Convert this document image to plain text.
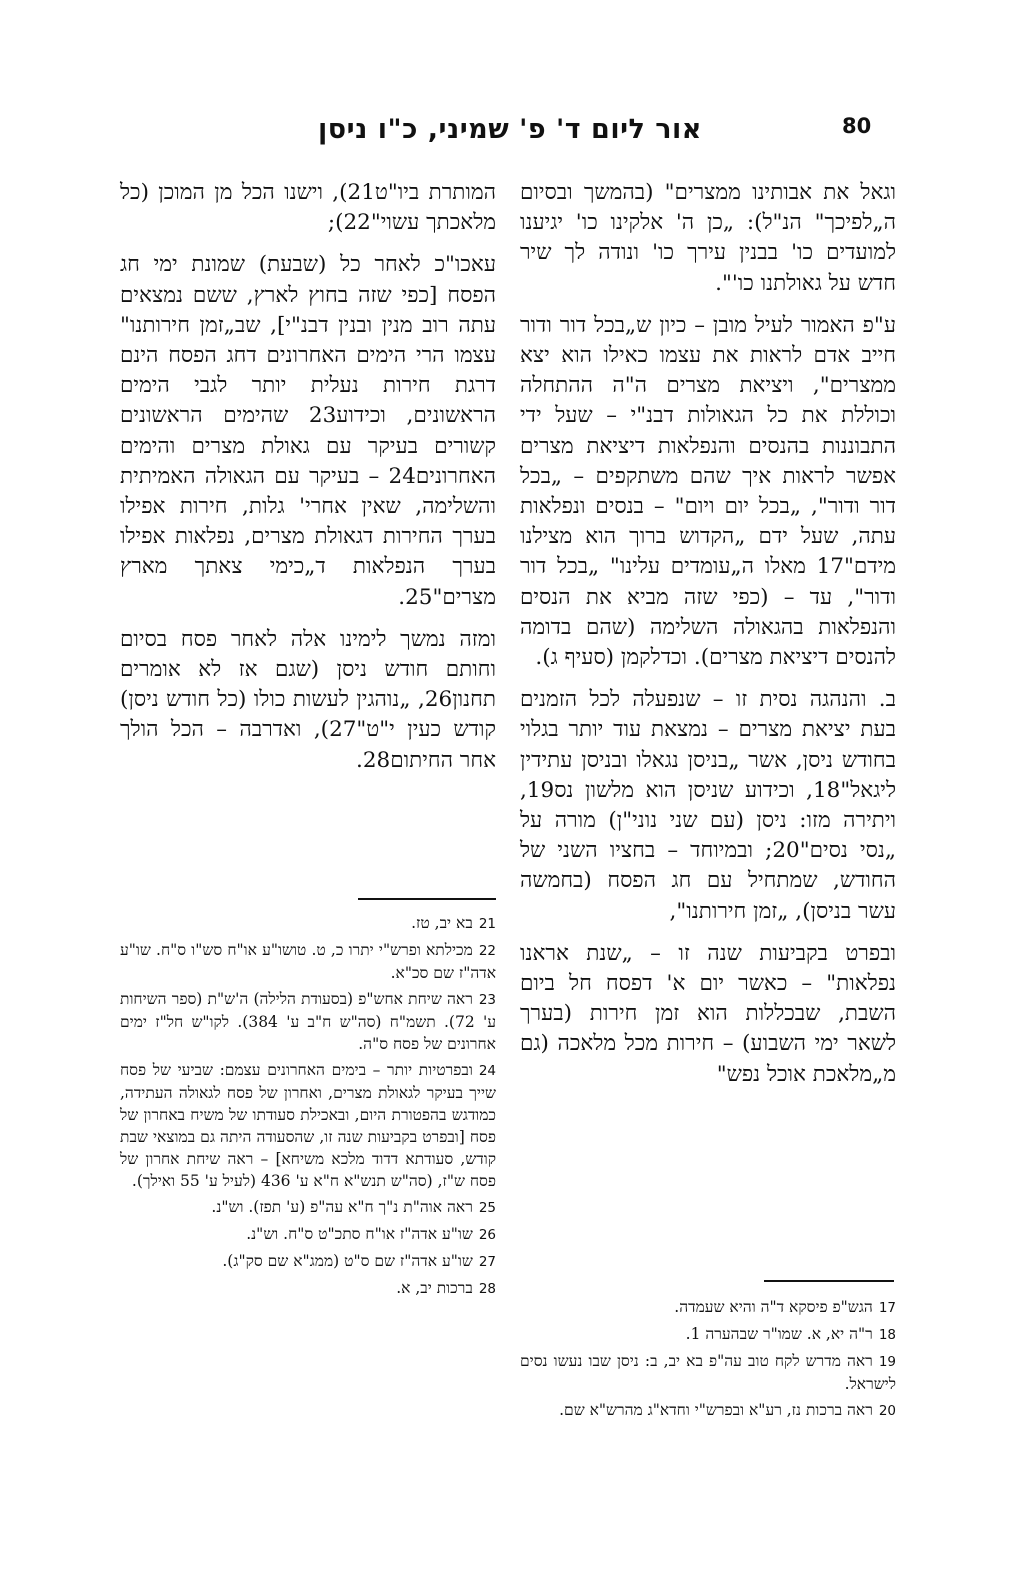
אור ליום ד' פ' שמיני, כ"ו ניסן	80

וגאל את אבותינו ממצרים" (בהמשך ובסיום ה„לפיכך" הנ"ל): „כן ה' אלקינו כו' יגיענו למועדים כו' בבנין עירך כו' ונודה לך שיר חדש על גאולתנו כו'".

ע"פ האמור לעיל מובן – כיון ש„בכל דור ודור חייב אדם לראות את עצמו כאילו הוא יצא ממצרים", ויציאת מצרים ה"ה ההתחלה וכוללת את כל הגאולות דבנ"י – שעל ידי התבוננות בהנסים והנפלאות דיציאת מצרים אפשר לראות איך שהם משתקפים – „בכל דור ודור", „בכל יום ויום" – בנסים ונפלאות עתה, שעל ידם „הקדוש ברוך הוא מצילנו מידם"17 מאלו ה„עומדים עלינו" „בכל דור ודור", עד – (כפי שזה מביא את הנסים והנפלאות בהגאולה השלימה (שהם בדומה להנסים דיציאת מצרים). וכדלקמן (סעיף ג).

ב. והנהגה נסית זו – שנפעלה לכל הזמנים בעת יציאת מצרים – נמצאת עוד יותר בגלוי בחודש ניסן, אשר „בניסן נגאלו ובניסן עתידין ליגאל"18, וכידוע שניסן הוא מלשון נס19, ויתירה מזו: ניסן (עם שני נוני"ן) מורה על „נסי נסים"20; ובמיוחד – בחציו השני של החודש, שמתחיל עם חג הפסח (בחמשה עשר בניסן), „זמן חירותנו",

ובפרט בקביעות שנה זו – „שנת אראנו נפלאות" – כאשר יום א' דפסח חל ביום השבת, שבכללות הוא זמן חירות (בערך לשאר ימי השבוע) – חירות מכל מלאכה (גם מ„מלאכת אוכל נפש"

המותרת ביו"ט21), וישנו הכל מן המוכן (כל מלאכתך עשוי"22);

עאכו"כ לאחר כל (שבעת) שמונת ימי חג הפסח [כפי שזה בחוץ לארץ, ששם נמצאים עתה רוב מנין ובנין דבנ"י], שב„זמן חירותנו" עצמו הרי הימים האחרונים דחג הפסח הינם דרגת חירות נעלית יותר לגבי הימים הראשונים, וכידוע23 שהימים הראשונים קשורים בעיקר עם גאולת מצרים והימים האחרונים24 – בעיקר עם הגאולה האמיתית והשלימה, שאין אחרי' גלות, חירות אפילו בערך החירות דגאולת מצרים, נפלאות אפילו בערך הנפלאות ד„כימי צאתך מארץ מצרים"25.

ומזה נמשך לימינו אלה לאחר פסח בסיום וחותם חודש ניסן (שגם אז לא אומרים תחנון26, „נוהגין לעשות כולו (כל חודש ניסן) קודש כעין י"ט"27), ואדרבה – הכל הולך אחר החיתום28.

17הגש"פ פיסקא ד"ה והיא שעמדה.

18ר"ה יא, א. שמו"ר שבהערה 1.

19ראה מדרש לקח טוב עה"פ בא יב, ב: ניסן שבו נעשו נסים לישראל.

20ראה ברכות נז, רע"א ובפרש"י וחדא"ג מהרש"א שם.

21בא יב, טז.

22מכילתא ופרש"י יתרו כ, ט. טושו"ע או"ח סש"ו ס"ח. שו"ע אדה"ז שם סכ"א.

23ראה שיחת אחש"פ (בסעודת הלילה) ה'ש"ת (ספר השיחות ע' 72). תשמ"ח (סה"ש ח"ב ע' 384). לקו"ש חל"ז ימים אחרונים של פסח ס"ה.

24ובפרטיות יותר – בימים האחרונים עצמם: שביעי של פסח שייך בעיקר לגאולת מצרים, ואחרון של פסח לגאולה העתידה, כמודגש בהפטורת היום, ובאכילת סעודתו של משיח באחרון של פסח [ובפרט בקביעות שנה זו, שהסעודה היתה גם במוצאי שבת קודש, סעודתא דדוד מלכא משיחא] – ראה שיחת אחרון של פסח ש"ז, (סה"ש תנש"א ח"א ע' 436 (לעיל ע' 55 ואילך).

25ראה אוה"ת נ"ך ח"א עה"פ (ע' תפז). וש"נ.

26שו"ע אדה"ז או"ח סתכ"ט ס"ח. וש"נ.

27שו"ע אדה"ז שם ס"ט (ממג"א שם סק"ג).

28ברכות יב, א.
